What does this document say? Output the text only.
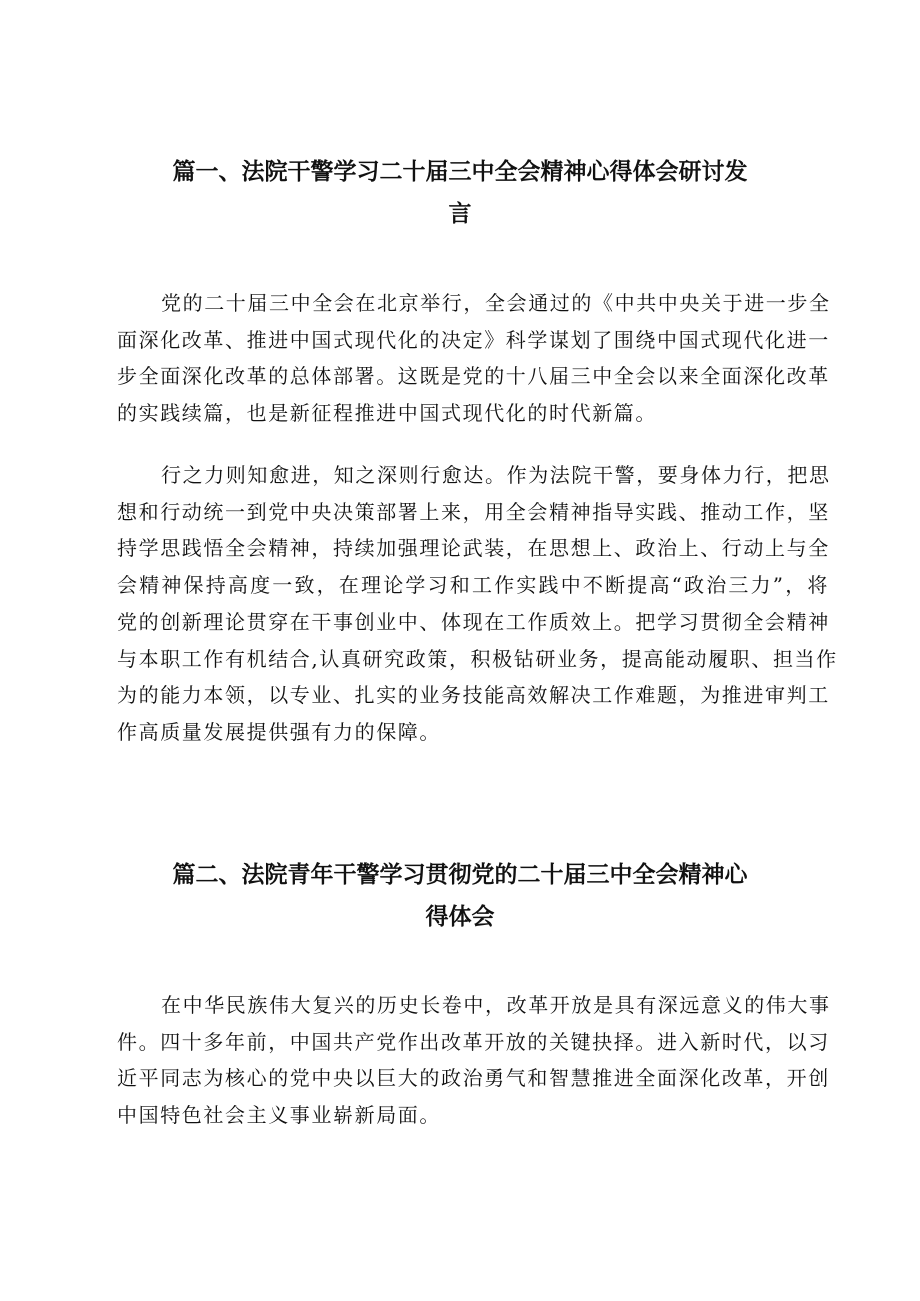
篇一、法院干警学习二十届三中全会精神心得体会研讨发
言
党的二十届三中全会在北京举行，全会通过的《中共中央关于进一步全
面深化改革、推进中国式现代化的决定》科学谋划了围绕中国式现代化进一
步全面深化改革的总体部署。这既是党的十八届三中全会以来全面深化改革
的实践续篇，也是新征程推进中国式现代化的时代新篇。
行之力则知愈进，知之深则行愈达。作为法院干警，要身体力行，把思
想和行动统一到党中央决策部署上来，用全会精神指导实践、推动工作，坚
持学思践悟全会精神，持续加强理论武装，在思想上、政治上、行动上与全
会精神保持高度一致，在理论学习和工作实践中不断提高“政治三力”，将
党的创新理论贯穿在干事创业中、体现在工作质效上。把学习贯彻全会精神
与本职工作有机结合,认真研究政策，积极钻研业务，提高能动履职、担当作
为的能力本领，以专业、扎实的业务技能高效解决工作难题，为推进审判工
作高质量发展提供强有力的保障。
篇二、法院青年干警学习贯彻党的二十届三中全会精神心
得体会
在中华民族伟大复兴的历史长卷中，改革开放是具有深远意义的伟大事
件。四十多年前，中国共产党作出改革开放的关键抉择。进入新时代，以习
近平同志为核心的党中央以巨大的政治勇气和智慧推进全面深化改革，开创
中国特色社会主义事业崭新局面。
